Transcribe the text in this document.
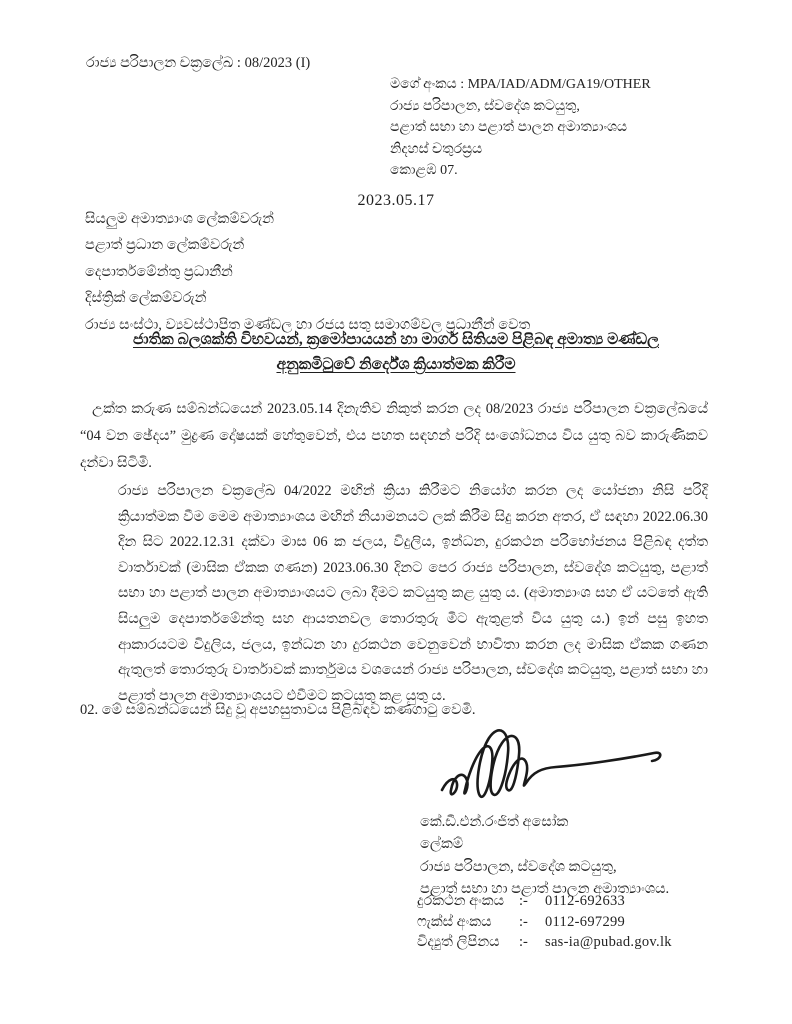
රාජ්‍ය පරිපාලන චක්‍රලේඛ : 08/2023 (I)
මගේ අංකය : MPA/IAD/ADM/GA19/OTHER
රාජ්‍ය පරිපාලන, ස්වදේශ කටයුතු,
පළාත් සභා හා පළාත් පාලන අමාත්‍යාංශය
නිදහස් චතුරස්‍රය
කොළඹ 07.
2023.05.17
සියලුම අමාත්‍යාංශ ලේකම්වරුන්
පළාත් ප්‍රධාන ලේකම්වරුන්
දෙපාර්තමේන්තු ප්‍රධානීන්
දිස්ත්‍රික් ලේකම්වරුන්
රාජ්‍ය සංස්ථා, ව්‍යවස්ථාපිත මණ්ඩල හා රජය සතු සමාගම්වල ප්‍රධානීන් වෙත
ජාතික බලශක්ති විභවයන්, ක්‍රමෝපායයන් හා මාර්ග සිතියම පිළිබඳ අමාත්‍ය මණ්ඩල
අනුකමිටුවේ නිර්දේශ ක්‍රියාත්මක කිරීම
උක්ත කරුණ සම්බන්ධයෙන් 2023.05.14 දිනැතිව නිකුත් කරන ලද 08/2023 රාජ්‍ය පරිපාලන චක්‍රලේඛයේ “04 වන ඡේදය” මුද්‍රණ දෝෂයක් හේතුවෙන්, එය පහත සඳහන් පරිදි සංශෝධනය විය යුතු බව කාරුණිකව දන්වා සිටිමි.
රාජ්‍ය පරිපාලන චක්‍රලේඛ 04/2022 මඟින් ක්‍රියා කිරීමට නියෝග කරන ලද යෝජනා නිසි පරිදි ක්‍රියාත්මක වීම මෙම අමාත්‍යාංශය මඟින් නියාමනයට ලක් කිරීම සිදු කරන අතර, ඒ සඳහා 2022.06.30 දින සිට 2022.12.31 දක්වා මාස 06 ක ජලය, විදුලිය, ඉන්ධන, දුරකථන පරිභෝජනය පිළිබඳ දත්ත වාර්තාවක් (මාසික ඒකක ගණන) 2023.06.30 දිනට පෙර රාජ්‍ය පරිපාලන, ස්වදේශ කටයුතු, පළාත් සභා හා පළාත් පාලන අමාත්‍යාංශයට ලබා දීමට කටයුතු කළ යුතු ය. (අමාත්‍යාංශ සහ ඒ යටතේ ඇති සියලුම දෙපාර්තමේන්තු සහ ආයතනවල තොරතුරු මීට ඇතුළත් විය යුතු ය.) ඉන් පසු ඉහත ආකාරයටම විදුලිය, ජලය, ඉන්ධන හා දුරකථන වෙනුවෙන් භාවිතා කරන ලද මාසික ඒකක ගණන ඇතුලත් තොරතුරු වාර්තාවක් කාර්තුමය වශයෙන් රාජ්‍ය පරිපාලන, ස්වදේශ කටයුතු, පළාත් සභා හා පළාත් පාලන අමාත්‍යාංශයට එවීමට කටයුතු කළ යුතු ය.
02. මේ සම්බන්ධයෙන් සිදු වූ අපහසුතාවය පිළිබඳව කණගාටු වෙමි.
කේ.ඩී.එන්.රංජිත් අසෝක
ලේකම්
රාජ්‍ය පරිපාලන, ස්වදේශ කටයුතු,
පළාත් සභා හා පළාත් පාලන අමාත්‍යාංශය.
දුරකථන අංකය	:-	0112-692633
ෆැක්ස් අංකය	:-	0112-697299
විද්‍යුත් ලිපිනය	:-	sas-ia@pubad.gov.lk
